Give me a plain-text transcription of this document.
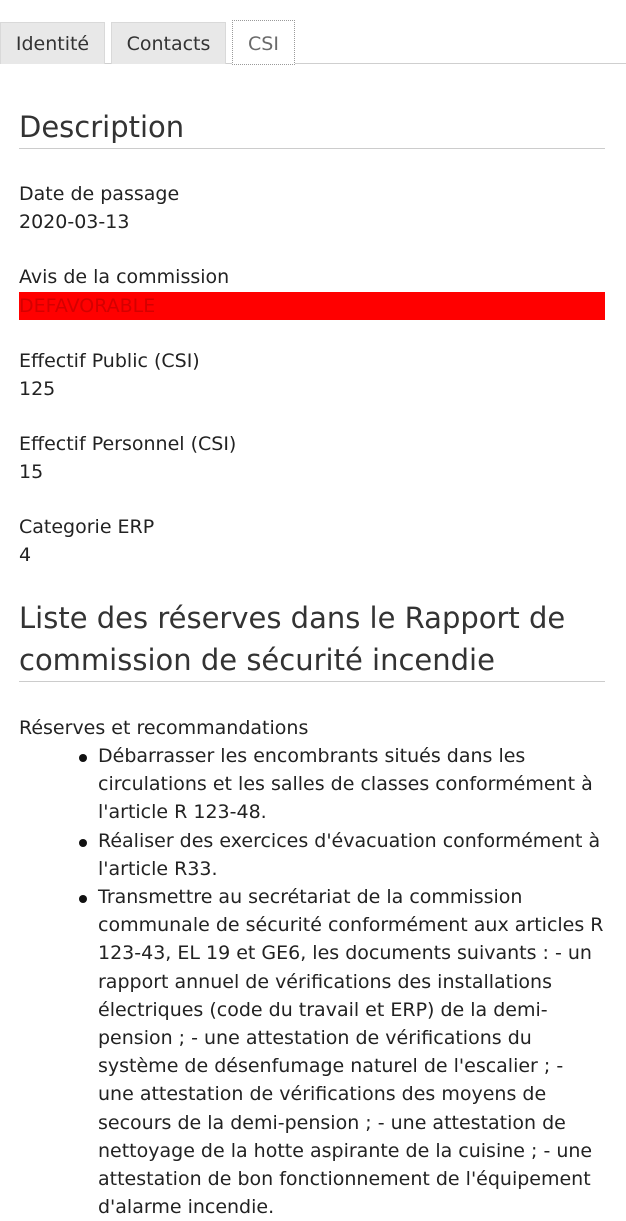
Identité	Contacts	CSI
Description
Date de passage
2020-03-13
Avis de la commission
DEFAVORABLE
Effectif Public (CSI)
125
Effectif Personnel (CSI)
15
Categorie ERP
4
Liste des réserves dans le Rapport de commission de sécurité incendie
Réserves et recommandations
Débarrasser les encombrants situés dans les circulations et les salles de classes conformément à l'article R 123-48.
Réaliser des exercices d'évacuation conformément à l'article R33.
Transmettre au secrétariat de la commission communale de sécurité conformément aux articles R 123-43, EL 19 et GE6, les documents suivants : - un rapport annuel de vérifications des installations électriques (code du travail et ERP) de la demi-pension ; - une attestation de vérifications du système de désenfumage naturel de l'escalier ; - une attestation de vérifications des moyens de secours de la demi-pension ; - une attestation de nettoyage de la hotte aspirante de la cuisine ; - une attestation de bon fonctionnement de l'équipement d'alarme incendie.
